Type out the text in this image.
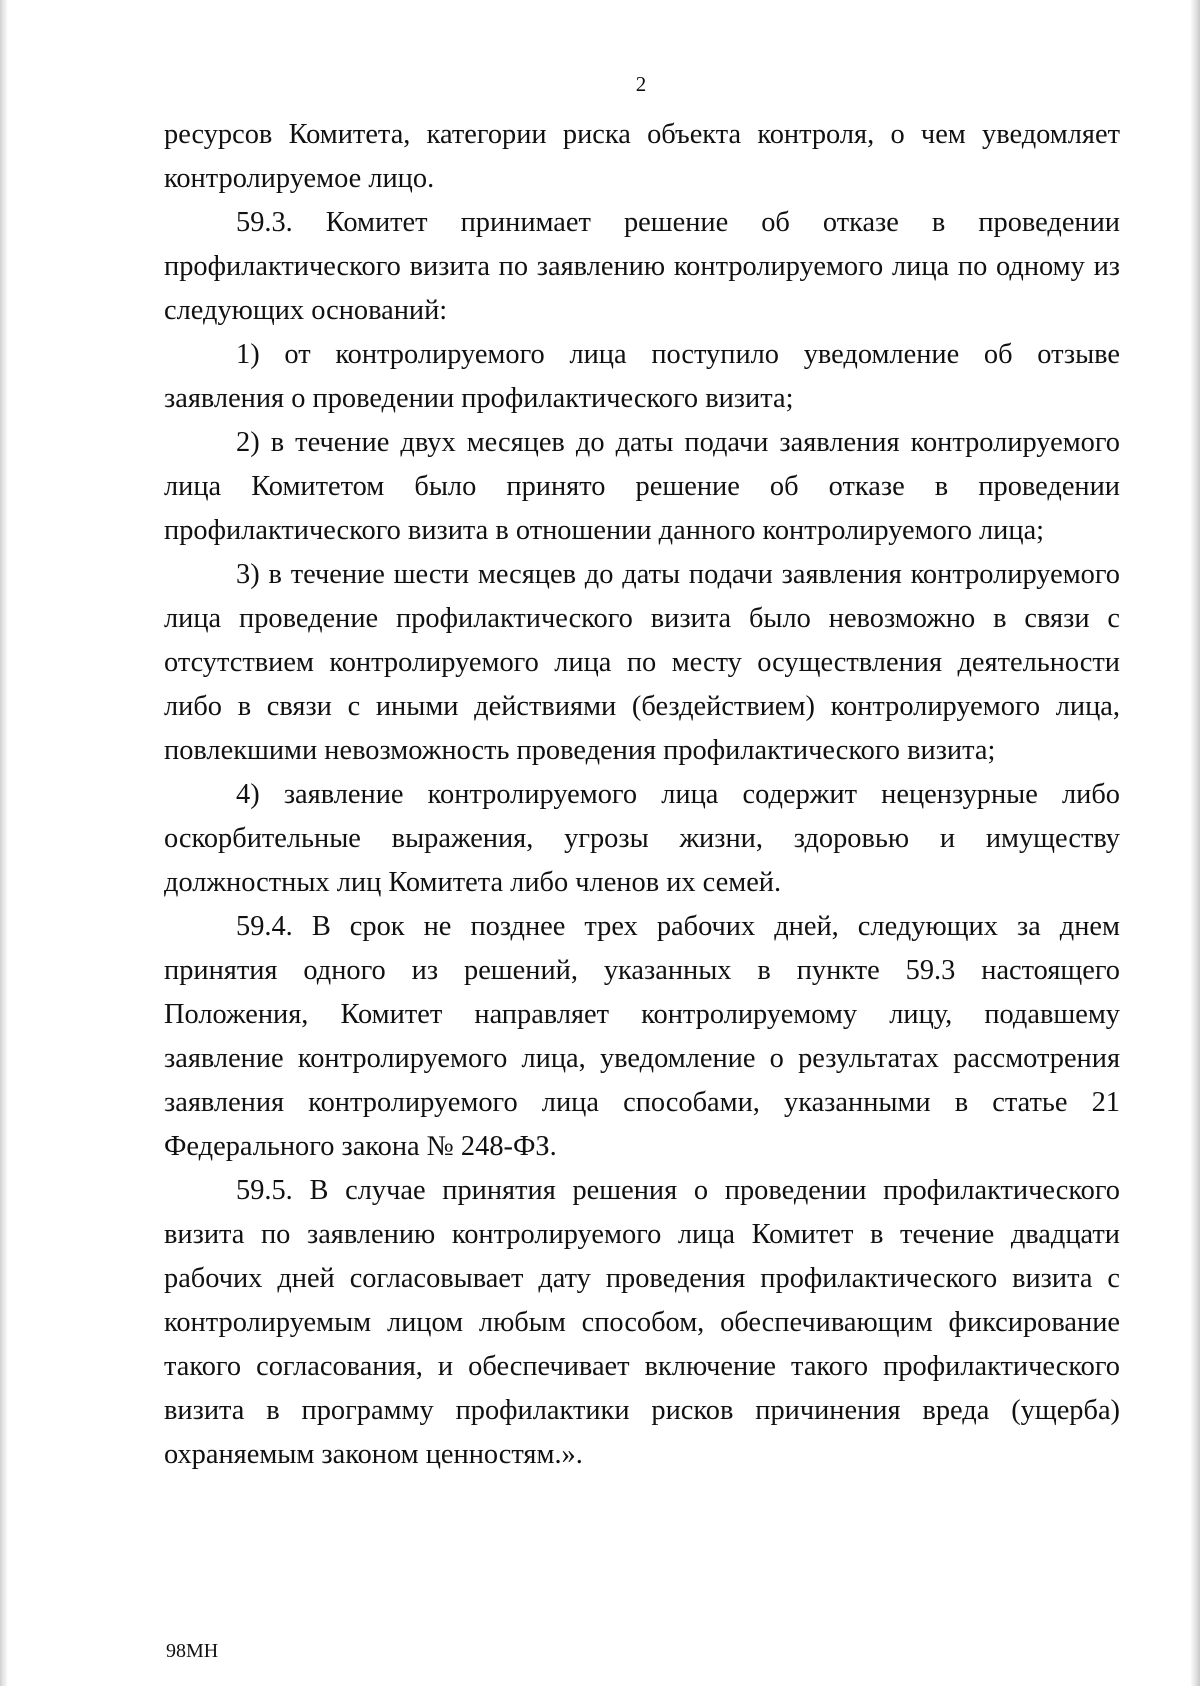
2

ресурсов Комитета, категории риска объекта контроля, о чем уведомляет контролируемое лицо.

59.3. Комитет принимает решение об отказе в проведении профилактического визита по заявлению контролируемого лица по одному из следующих оснований:

1) от контролируемого лица поступило уведомление об отзыве заявления о проведении профилактического визита;

2) в течение двух месяцев до даты подачи заявления контролируемого лица Комитетом было принято решение об отказе в проведении профилактического визита в отношении данного контролируемого лица;

3) в течение шести месяцев до даты подачи заявления контролируемого лица проведение профилактического визита было невозможно в связи с отсутствием контролируемого лица по месту осуществления деятельности либо в связи с иными действиями (бездействием) контролируемого лица, повлекшими невозможность проведения профилактического визита;

4) заявление контролируемого лица содержит нецензурные либо оскорбительные выражения, угрозы жизни, здоровью и имуществу должностных лиц Комитета либо членов их семей.

59.4. В срок не позднее трех рабочих дней, следующих за днем принятия одного из решений, указанных в пункте 59.3 настоящего Положения, Комитет направляет контролируемому лицу, подавшему заявление контролируемого лица, уведомление о результатах рассмотрения заявления контролируемого лица способами, указанными в статье 21 Федерального закона № 248-ФЗ.

59.5. В случае принятия решения о проведении профилактического визита по заявлению контролируемого лица Комитет в течение двадцати рабочих дней согласовывает дату проведения профилактического визита с контролируемым лицом любым способом, обеспечивающим фиксирование такого согласования, и обеспечивает включение такого профилактического визита в программу профилактики рисков причинения вреда (ущерба) охраняемым законом ценностям.».

98МН
